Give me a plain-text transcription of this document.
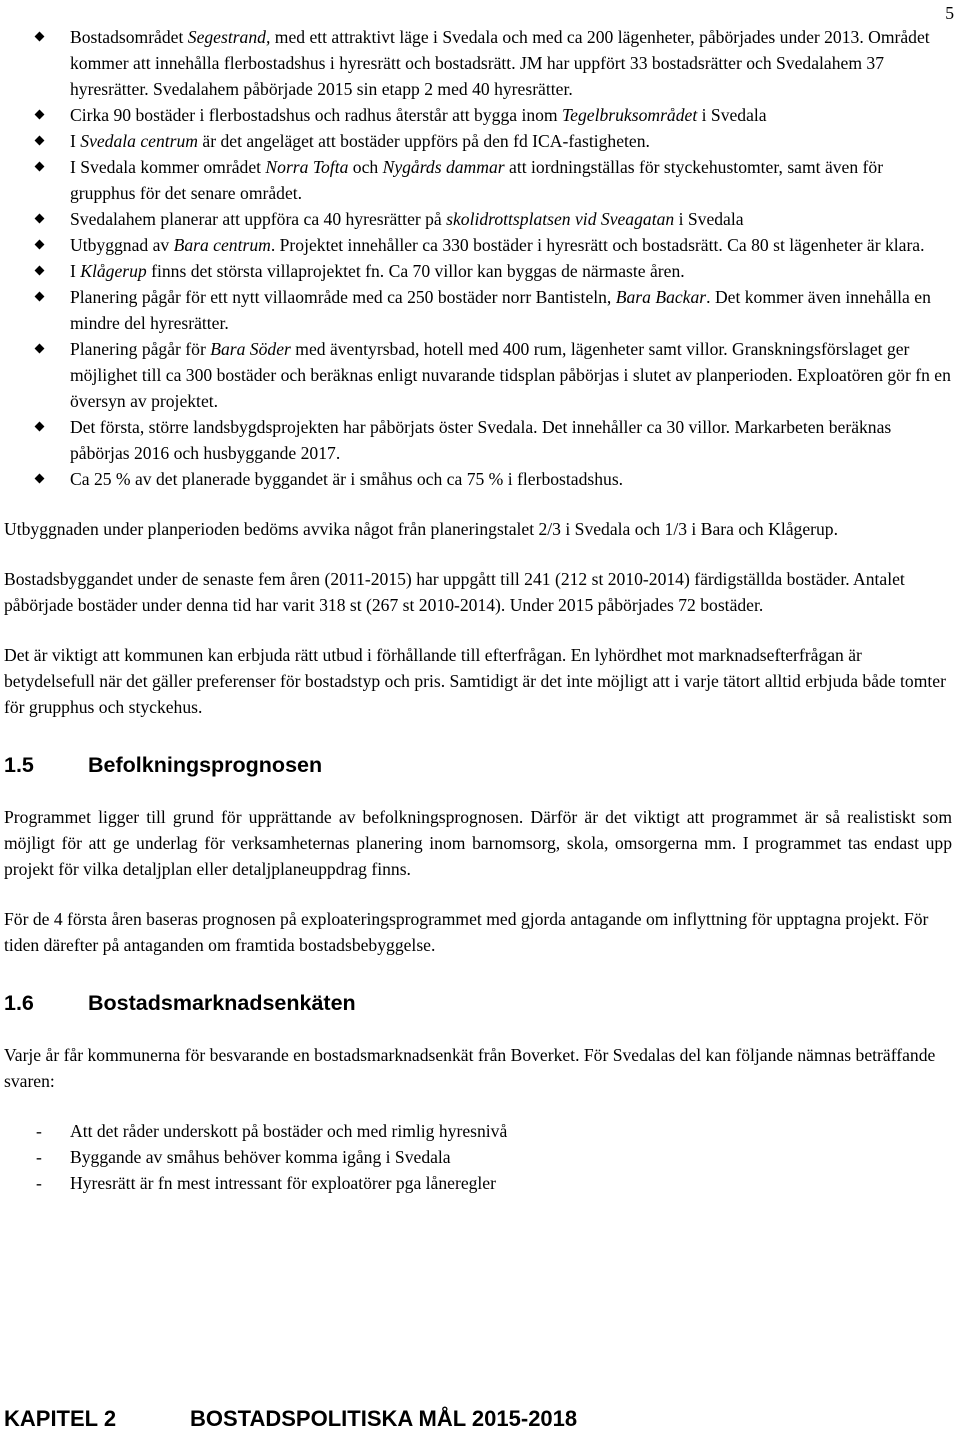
5
Bostadsområdet Segestrand, med ett attraktivt läge i Svedala och med ca 200 lägenheter, påbörjades under 2013. Området kommer att innehålla flerbostadshus i hyresrätt och bostadsrätt. JM har uppfört 33 bostadsrätter och Svedalahem 37 hyresrätter. Svedalahem påbörjade 2015 sin etapp 2 med 40 hyresrätter.
Cirka 90 bostäder i flerbostadshus och radhus återstår att bygga inom Tegelbruksområdet i Svedala
I Svedala centrum är det angeläget att bostäder uppförs på den fd ICA-fastigheten.
I Svedala kommer området Norra Tofta och Nygårds dammar att iordningställas för styckehustomter, samt även för grupphus för det senare området.
Svedalahem planerar att uppföra ca 40 hyresrätter på skolidrottsplatsen vid Sveagatan i Svedala
Utbyggnad av Bara centrum. Projektet innehåller ca 330 bostäder i hyresrätt och bostadsrätt. Ca 80 st lägenheter är klara.
I Klågerup finns det största villaprojektet fn. Ca 70 villor kan byggas de närmaste åren.
Planering pågår för ett nytt villaområde med ca 250 bostäder norr Bantisteln, Bara Backar. Det kommer även innehålla en mindre del hyresrätter.
Planering pågår för Bara Söder med äventyrsbad, hotell med 400 rum, lägenheter samt villor. Granskningsförslaget ger möjlighet till ca 300 bostäder och beräknas enligt nuvarande tidsplan påbörjas i slutet av planperioden. Exploatören gör fn en översyn av projektet.
Det första, större landsbygdsprojekten har påbörjats öster Svedala. Det innehåller ca 30 villor. Markarbeten beräknas påbörjas 2016 och husbyggande 2017.
Ca 25 % av det planerade byggandet är i småhus och ca 75 % i flerbostadshus.

Utbyggnaden under planperioden bedöms avvika något från planeringstalet 2/3 i Svedala och 1/3 i Bara och Klågerup.

Bostadsbyggandet under de senaste fem åren (2011-2015) har uppgått till 241 (212 st 2010-2014) färdigställda bostäder. Antalet påbörjade bostäder under denna tid har varit 318 st (267 st 2010-2014). Under 2015 påbörjades 72 bostäder.

Det är viktigt att kommunen kan erbjuda rätt utbud i förhållande till efterfrågan. En lyhördhet mot marknadsefterfrågan är betydelsefull när det gäller preferenser för bostadstyp och pris. Samtidigt är det inte möjligt att i varje tätort alltid erbjuda både tomter för grupphus och styckehus.

1.5	Befolkningsprognosen

Programmet ligger till grund för upprättande av befolkningsprognosen. Därför är det viktigt att programmet är så realistiskt som möjligt för att ge underlag för verksamheternas planering inom barnomsorg, skola, omsorgerna mm. I programmet tas endast upp projekt för vilka detaljplan eller detaljplaneuppdrag finns.

För de 4 första åren baseras prognosen på exploateringsprogrammet med gjorda antagande om inflyttning för upptagna projekt. För tiden därefter på antaganden om framtida bostadsbebyggelse.

1.6	Bostadsmarknadsenkäten

Varje år får kommunerna för besvarande en bostadsmarknadsenkät från Boverket. För Svedalas del kan följande nämnas beträffande svaren:

- Att det råder underskott på bostäder och med rimlig hyresnivå
- Byggande av småhus behöver komma igång i Svedala
- Hyresrätt är fn mest intressant för exploatörer pga låneregler
KAPITEL 2	BOSTADSPOLITISKA MÅL 2015-2018
